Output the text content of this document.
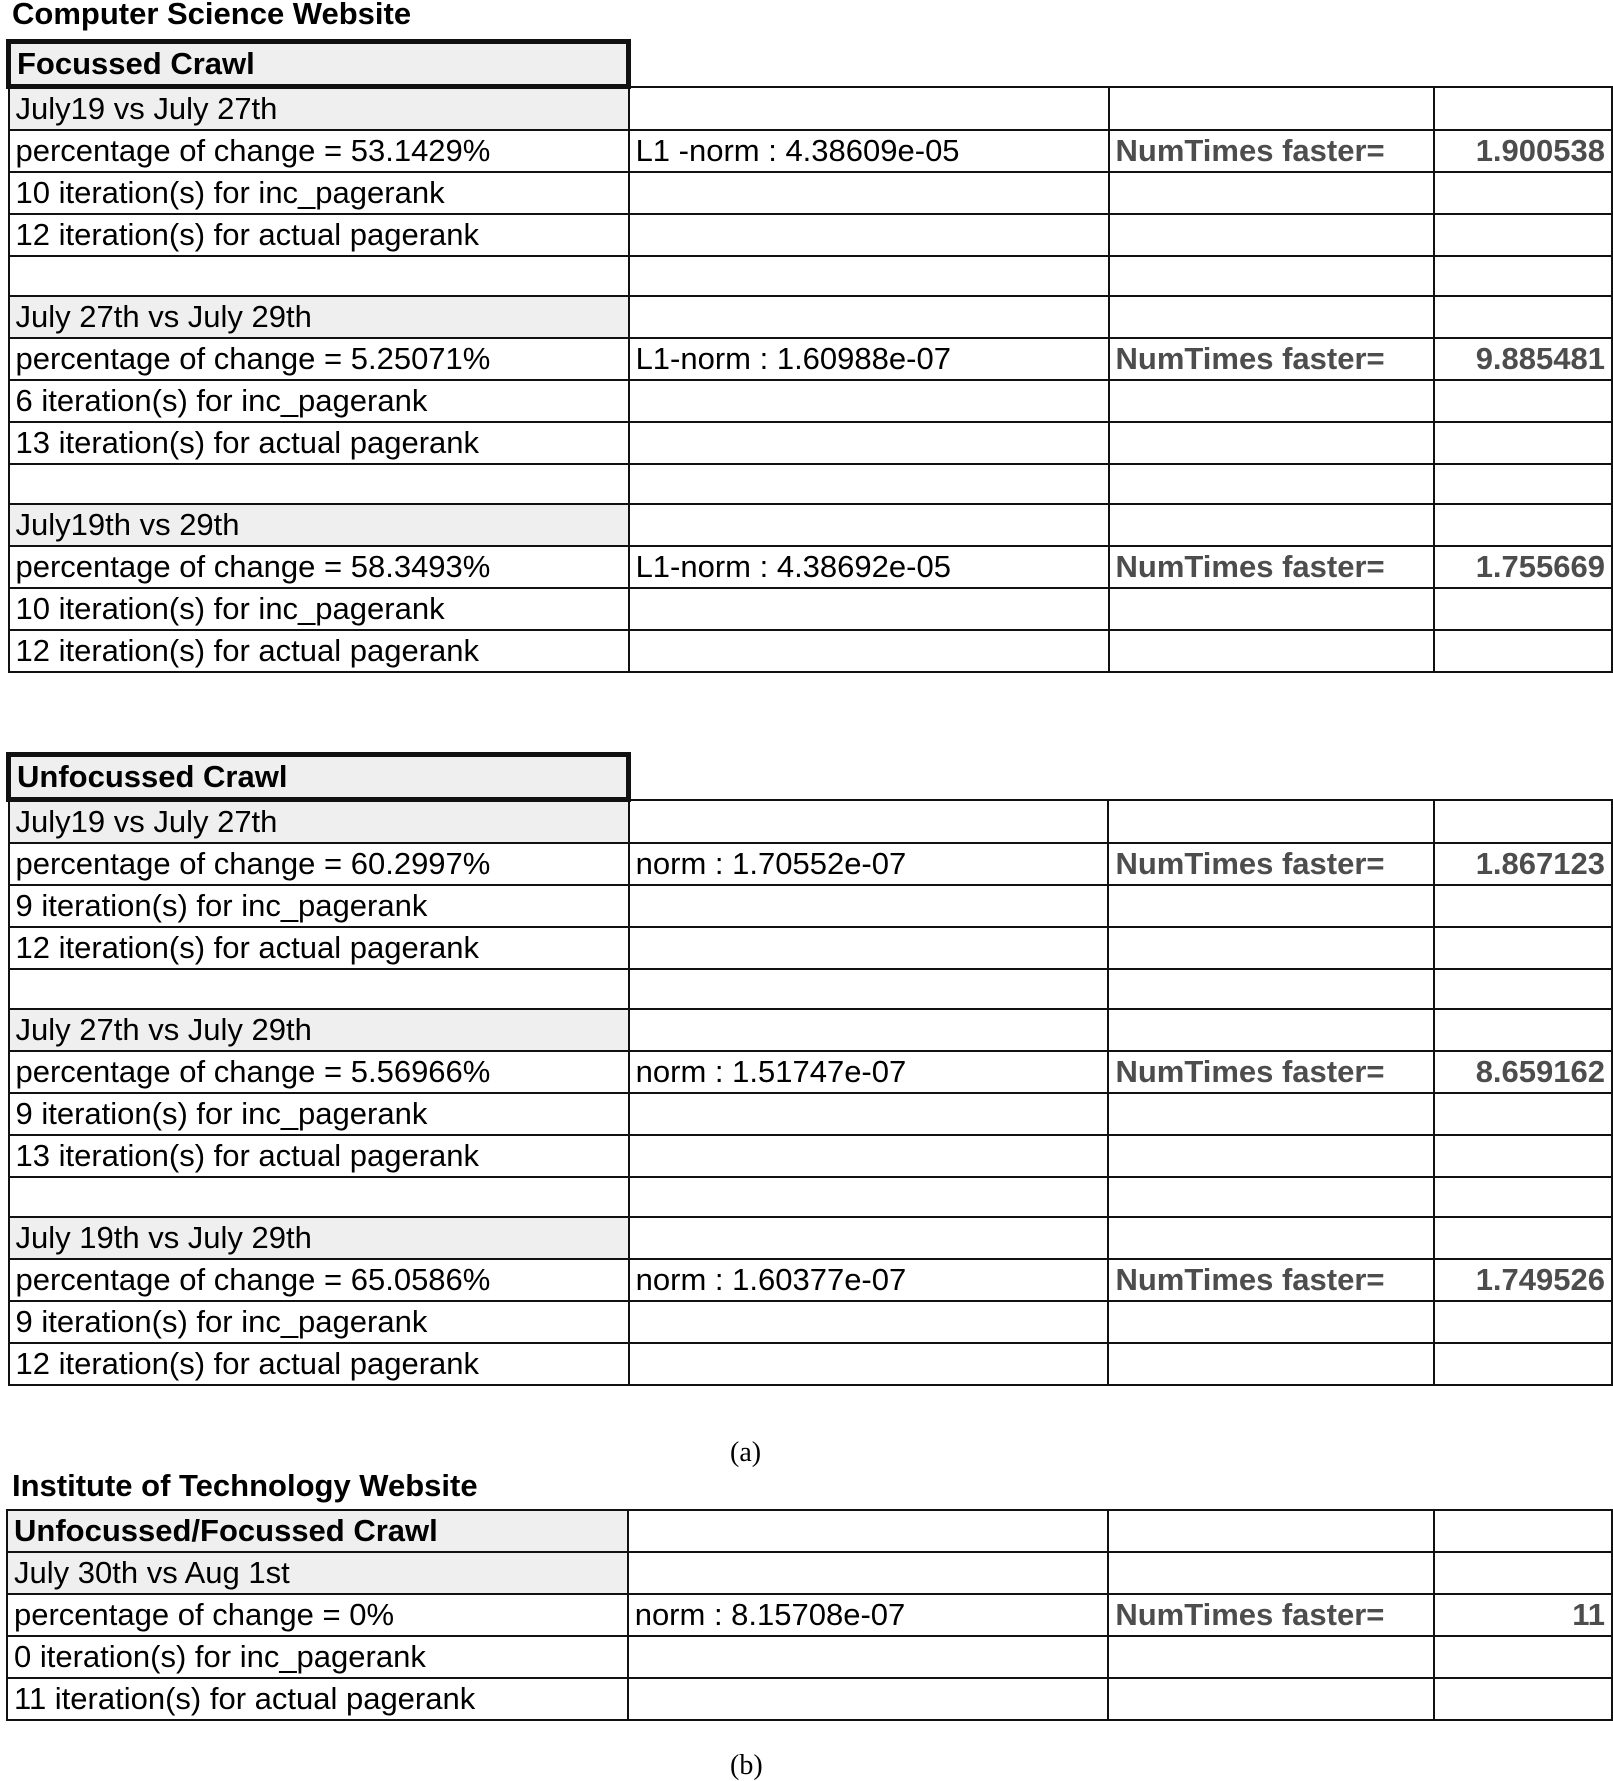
Computer Science Website
Focussed Crawl			
July19 vs July 27th			
percentage of change = 53.1429%	L1 -norm : 4.38609e-05	NumTimes faster=	1.900538
10 iteration(s) for inc_pagerank			
12 iteration(s) for actual pagerank			

July 27th vs July 29th			
percentage of change = 5.25071%	L1-norm : 1.60988e-07	NumTimes faster=	9.885481
6 iteration(s) for inc_pagerank			
13 iteration(s) for actual pagerank			

July19th vs 29th			
percentage of change = 58.3493%	L1-norm : 4.38692e-05	NumTimes faster=	1.755669
10 iteration(s) for inc_pagerank			
12 iteration(s) for actual pagerank			
Unfocussed Crawl			
July19 vs July 27th			
percentage of change = 60.2997%	norm : 1.70552e-07	NumTimes faster=	1.867123
9 iteration(s) for inc_pagerank			
12 iteration(s) for actual pagerank			

July 27th vs July 29th			
percentage of change = 5.56966%	norm : 1.51747e-07	NumTimes faster=	8.659162
9 iteration(s) for inc_pagerank			
13 iteration(s) for actual pagerank			

July 19th vs July 29th			
percentage of change = 65.0586%	norm : 1.60377e-07	NumTimes faster=	1.749526
9 iteration(s) for inc_pagerank			
12 iteration(s) for actual pagerank			
(a)
Institute of Technology Website
Unfocussed/Focussed Crawl			
July 30th vs Aug 1st			
percentage of change = 0%	norm : 8.15708e-07	NumTimes faster=	11
0 iteration(s) for inc_pagerank			
11 iteration(s) for actual pagerank			
(b)
